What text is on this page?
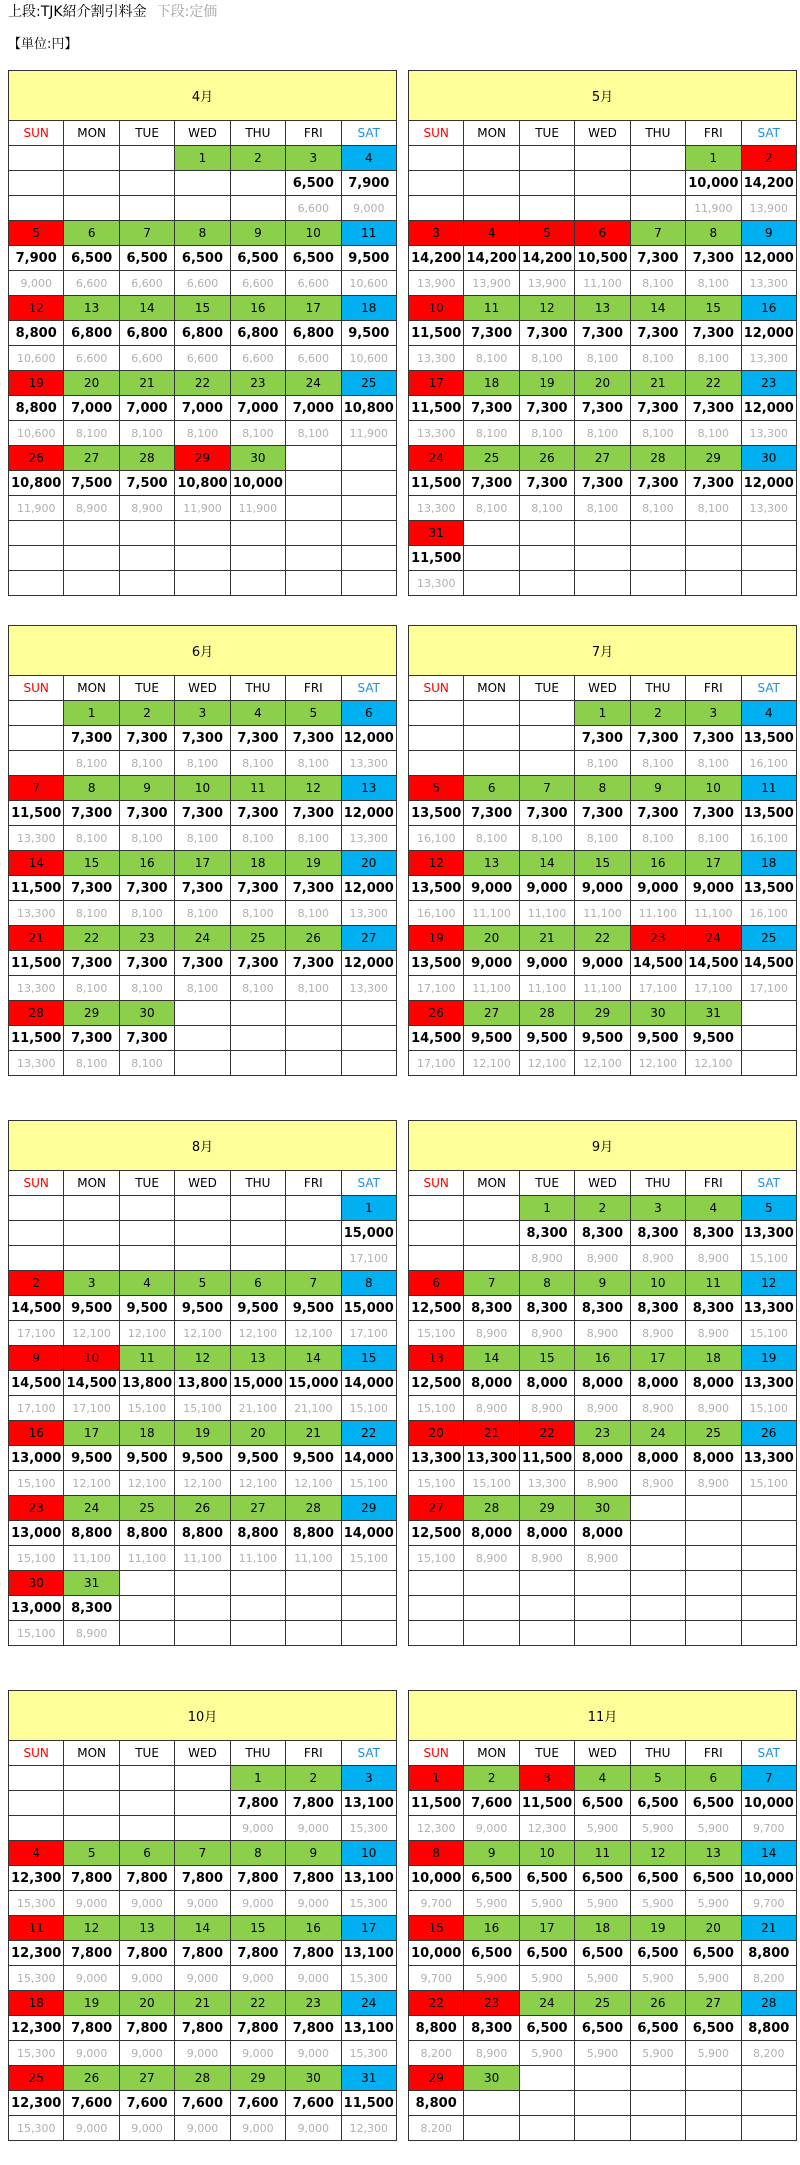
上段:TJK紹介割引料金 下段:定価
【単位:円】
4月						
SUN	MON	TUE	WED	THU	FRI	SAT
			1	2	3	4
					6,500	7,900
					6,600	9,000
5	6	7	8	9	10	11
7,900	6,500	6,500	6,500	6,500	6,500	9,500
9,000	6,600	6,600	6,600	6,600	6,600	10,600
12	13	14	15	16	17	18
8,800	6,800	6,800	6,800	6,800	6,800	9,500
10,600	6,600	6,600	6,600	6,600	6,600	10,600
19	20	21	22	23	24	25
8,800	7,000	7,000	7,000	7,000	7,000	10,800
10,600	8,100	8,100	8,100	8,100	8,100	11,900
26	27	28	29	30		
10,800	7,500	7,500	10,800	10,000		
11,900	8,900	8,900	11,900	11,900		

5月						
SUN	MON	TUE	WED	THU	FRI	SAT
					1	2
					10,000	14,200
					11,900	13,900
3	4	5	6	7	8	9
14,200	14,200	14,200	10,500	7,300	7,300	12,000
13,900	13,900	13,900	11,100	8,100	8,100	13,300
10	11	12	13	14	15	16
11,500	7,300	7,300	7,300	7,300	7,300	12,000
13,300	8,100	8,100	8,100	8,100	8,100	13,300
17	18	19	20	21	22	23
11,500	7,300	7,300	7,300	7,300	7,300	12,000
13,300	8,100	8,100	8,100	8,100	8,100	13,300
24	25	26	27	28	29	30
11,500	7,300	7,300	7,300	7,300	7,300	12,000
13,300	8,100	8,100	8,100	8,100	8,100	13,300
31						
11,500						
13,300						
6月						
SUN	MON	TUE	WED	THU	FRI	SAT
	1	2	3	4	5	6
	7,300	7,300	7,300	7,300	7,300	12,000
	8,100	8,100	8,100	8,100	8,100	13,300
7	8	9	10	11	12	13
11,500	7,300	7,300	7,300	7,300	7,300	12,000
13,300	8,100	8,100	8,100	8,100	8,100	13,300
14	15	16	17	18	19	20
11,500	7,300	7,300	7,300	7,300	7,300	12,000
13,300	8,100	8,100	8,100	8,100	8,100	13,300
21	22	23	24	25	26	27
11,500	7,300	7,300	7,300	7,300	7,300	12,000
13,300	8,100	8,100	8,100	8,100	8,100	13,300
28	29	30				
11,500	7,300	7,300				
13,300	8,100	8,100				
7月						
SUN	MON	TUE	WED	THU	FRI	SAT
			1	2	3	4
			7,300	7,300	7,300	13,500
			8,100	8,100	8,100	16,100
5	6	7	8	9	10	11
13,500	7,300	7,300	7,300	7,300	7,300	13,500
16,100	8,100	8,100	8,100	8,100	8,100	16,100
12	13	14	15	16	17	18
13,500	9,000	9,000	9,000	9,000	9,000	13,500
16,100	11,100	11,100	11,100	11,100	11,100	16,100
19	20	21	22	23	24	25
13,500	9,000	9,000	9,000	14,500	14,500	14,500
17,100	11,100	11,100	11,100	17,100	17,100	17,100
26	27	28	29	30	31	
14,500	9,500	9,500	9,500	9,500	9,500	
17,100	12,100	12,100	12,100	12,100	12,100	
8月						
SUN	MON	TUE	WED	THU	FRI	SAT
						1
						15,000
						17,100
2	3	4	5	6	7	8
14,500	9,500	9,500	9,500	9,500	9,500	15,000
17,100	12,100	12,100	12,100	12,100	12,100	17,100
9	10	11	12	13	14	15
14,500	14,500	13,800	13,800	15,000	15,000	14,000
17,100	17,100	15,100	15,100	21,100	21,100	15,100
16	17	18	19	20	21	22
13,000	9,500	9,500	9,500	9,500	9,500	14,000
15,100	12,100	12,100	12,100	12,100	12,100	15,100
23	24	25	26	27	28	29
13,000	8,800	8,800	8,800	8,800	8,800	14,000
15,100	11,100	11,100	11,100	11,100	11,100	15,100
30	31					
13,000	8,300					
15,100	8,900					
9月						
SUN	MON	TUE	WED	THU	FRI	SAT
		1	2	3	4	5
		8,300	8,300	8,300	8,300	13,300
		8,900	8,900	8,900	8,900	15,100
6	7	8	9	10	11	12
12,500	8,300	8,300	8,300	8,300	8,300	13,300
15,100	8,900	8,900	8,900	8,900	8,900	15,100
13	14	15	16	17	18	19
12,500	8,000	8,000	8,000	8,000	8,000	13,300
15,100	8,900	8,900	8,900	8,900	8,900	15,100
20	21	22	23	24	25	26
13,300	13,300	11,500	8,000	8,000	8,000	13,300
15,100	15,100	13,300	8,900	8,900	8,900	15,100
27	28	29	30			
12,500	8,000	8,000	8,000			
15,100	8,900	8,900	8,900			

10月						
SUN	MON	TUE	WED	THU	FRI	SAT
				1	2	3
				7,800	7,800	13,100
				9,000	9,000	15,300
4	5	6	7	8	9	10
12,300	7,800	7,800	7,800	7,800	7,800	13,100
15,300	9,000	9,000	9,000	9,000	9,000	15,300
11	12	13	14	15	16	17
12,300	7,800	7,800	7,800	7,800	7,800	13,100
15,300	9,000	9,000	9,000	9,000	9,000	15,300
18	19	20	21	22	23	24
12,300	7,800	7,800	7,800	7,800	7,800	13,100
15,300	9,000	9,000	9,000	9,000	9,000	15,300
25	26	27	28	29	30	31
12,300	7,600	7,600	7,600	7,600	7,600	11,500
15,300	9,000	9,000	9,000	9,000	9,000	12,300
11月						
SUN	MON	TUE	WED	THU	FRI	SAT
1	2	3	4	5	6	7
11,500	7,600	11,500	6,500	6,500	6,500	10,000
12,300	9,000	12,300	5,900	5,900	5,900	9,700
8	9	10	11	12	13	14
10,000	6,500	6,500	6,500	6,500	6,500	10,000
9,700	5,900	5,900	5,900	5,900	5,900	9,700
15	16	17	18	19	20	21
10,000	6,500	6,500	6,500	6,500	6,500	8,800
9,700	5,900	5,900	5,900	5,900	5,900	8,200
22	23	24	25	26	27	28
8,800	8,300	6,500	6,500	6,500	6,500	8,800
8,200	8,900	5,900	5,900	5,900	5,900	8,200
29	30					
8,800						
8,200						
